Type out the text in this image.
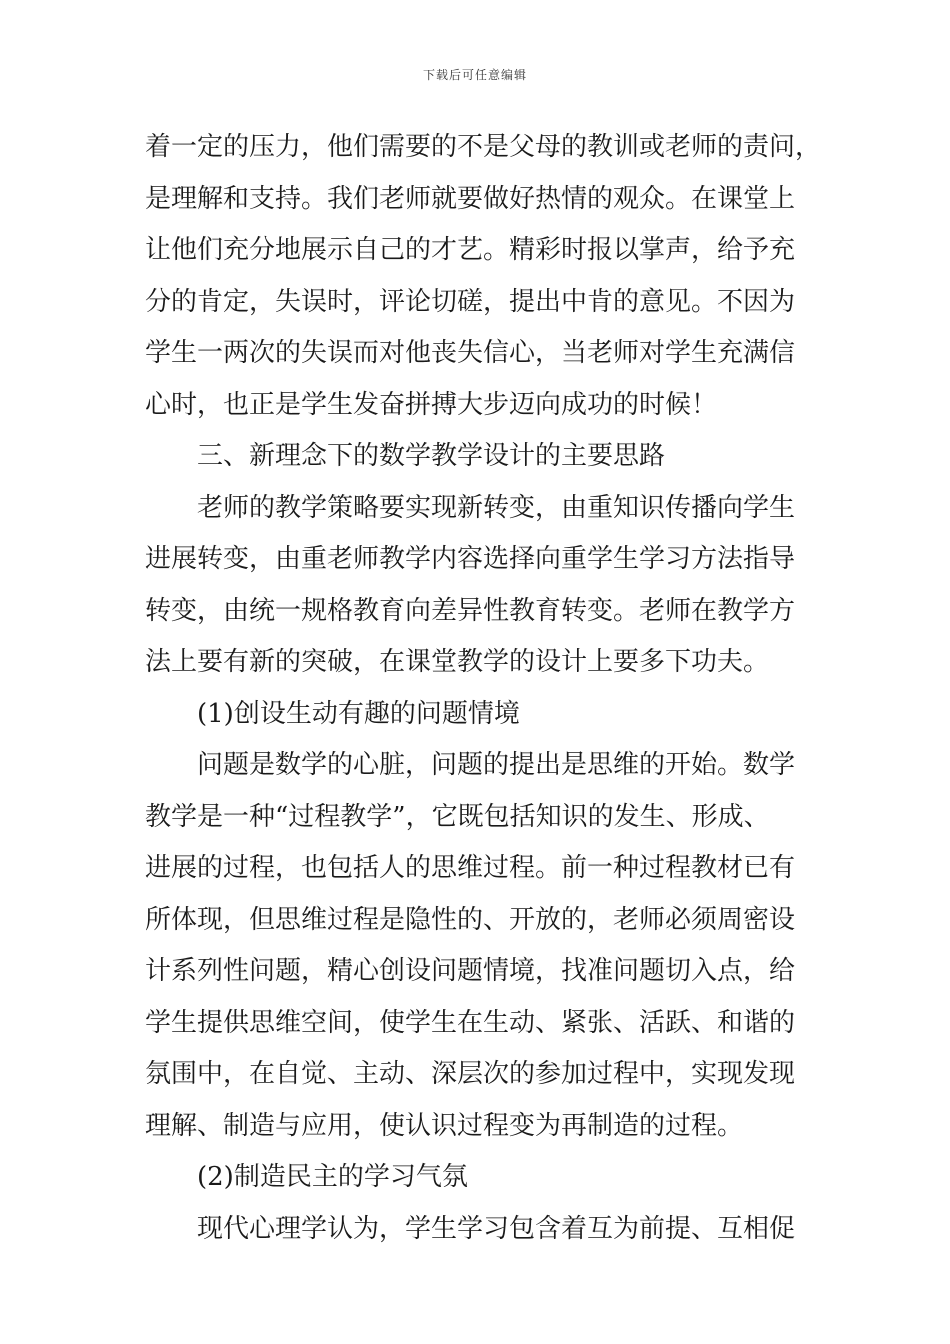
下载后可任意编辑
着一定的压力，他们需要的不是父母的教训或老师的责问，
是理解和支持。我们老师就要做好热情的观众。在课堂上
让他们充分地展示自己的才艺。精彩时报以掌声，给予充
分的肯定，失误时，评论切磋，提出中肯的意见。不因为
学生一两次的失误而对他丧失信心，当老师对学生充满信
心时，也正是学生发奋拼搏大步迈向成功的时候！
三、新理念下的数学教学设计的主要思路
老师的教学策略要实现新转变，由重知识传播向学生
进展转变，由重老师教学内容选择向重学生学习方法指导
转变，由统一规格教育向差异性教育转变。老师在教学方
法上要有新的突破，在课堂教学的设计上要多下功夫。
(1)创设生动有趣的问题情境
问题是数学的心脏，问题的提出是思维的开始。数学
教学是一种“过程教学”，它既包括知识的发生、形成、
进展的过程，也包括人的思维过程。前一种过程教材已有
所体现，但思维过程是隐性的、开放的，老师必须周密设
计系列性问题，精心创设问题情境，找准问题切入点，给
学生提供思维空间，使学生在生动、紧张、活跃、和谐的
氛围中，在自觉、主动、深层次的参加过程中，实现发现
理解、制造与应用，使认识过程变为再制造的过程。
(2)制造民主的学习气氛
现代心理学认为，学生学习包含着互为前提、互相促
